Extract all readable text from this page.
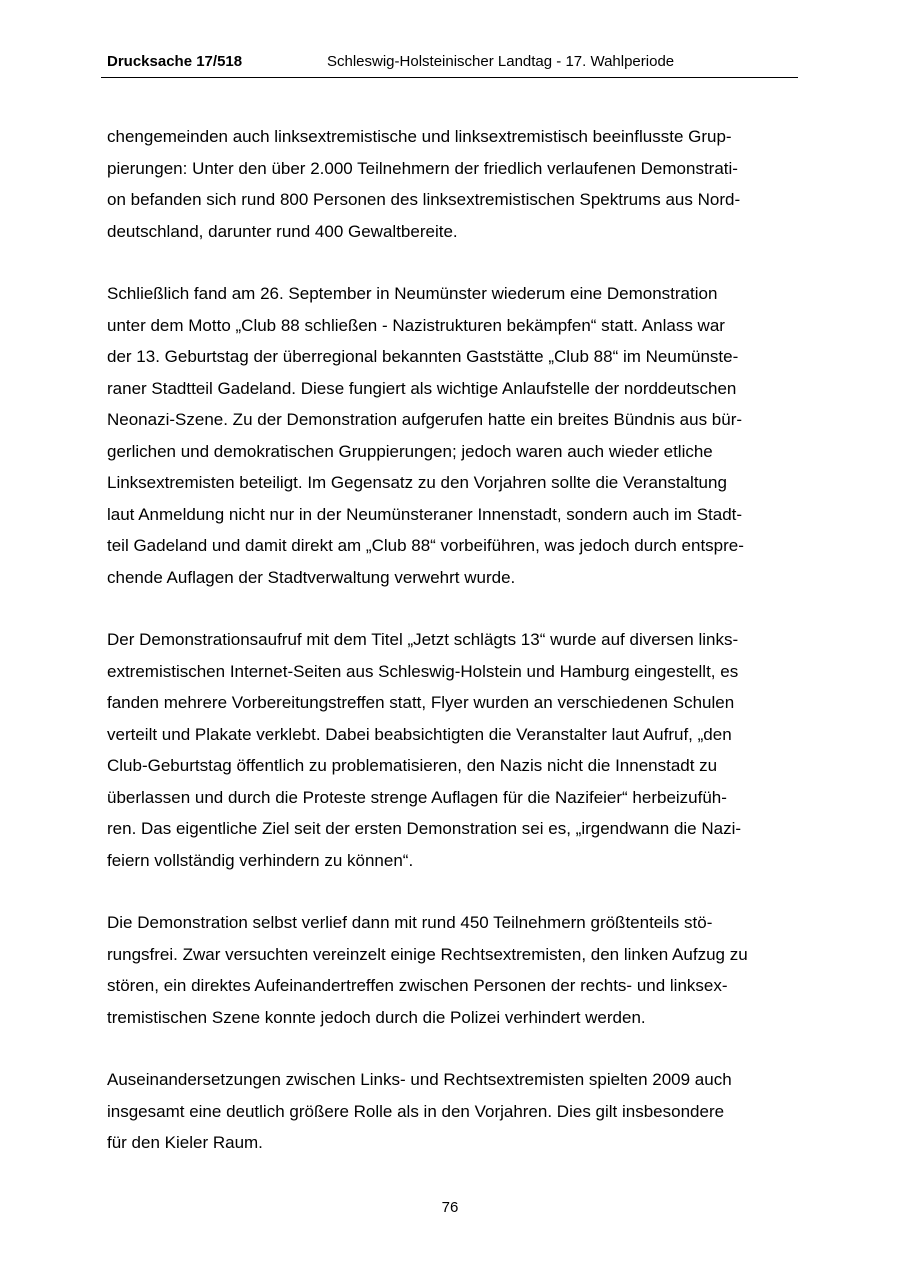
Drucksache 17/518	Schleswig-Holsteinischer Landtag - 17. Wahlperiode

chengemeinden auch linksextremistische und linksextremistisch beeinflusste Grup-
pierungen: Unter den über 2.000 Teilnehmern der friedlich verlaufenen Demonstrati-
on befanden sich rund 800 Personen des linksextremistischen Spektrums aus Nord-
deutschland, darunter rund 400 Gewaltbereite.

Schließlich fand am 26. September in Neumünster wiederum eine Demonstration
unter dem Motto „Club 88 schließen - Nazistrukturen bekämpfen“ statt. Anlass war
der 13. Geburtstag der überregional bekannten Gaststätte „Club 88“ im Neumünste-
raner Stadtteil Gadeland. Diese fungiert als wichtige Anlaufstelle der norddeutschen
Neonazi-Szene. Zu der Demonstration aufgerufen hatte ein breites Bündnis aus bür-
gerlichen und demokratischen Gruppierungen; jedoch waren auch wieder etliche
Linksextremisten beteiligt. Im Gegensatz zu den Vorjahren sollte die Veranstaltung
laut Anmeldung nicht nur in der Neumünsteraner Innenstadt, sondern auch im Stadt-
teil Gadeland und damit direkt am „Club 88“ vorbeiführen, was jedoch durch entspre-
chende Auflagen der Stadtverwaltung verwehrt wurde.

Der Demonstrationsaufruf mit dem Titel „Jetzt schlägts 13“ wurde auf diversen links-
extremistischen Internet-Seiten aus Schleswig-Holstein und Hamburg eingestellt, es
fanden mehrere Vorbereitungstreffen statt, Flyer wurden an verschiedenen Schulen
verteilt und Plakate verklebt. Dabei beabsichtigten die Veranstalter laut Aufruf, „den
Club-Geburtstag öffentlich zu problematisieren, den Nazis nicht die Innenstadt zu
überlassen und durch die Proteste strenge Auflagen für die Nazifeier“ herbeizufüh-
ren. Das eigentliche Ziel seit der ersten Demonstration sei es, „irgendwann die Nazi-
feiern vollständig verhindern zu können“.

Die Demonstration selbst verlief dann mit rund 450 Teilnehmern größtenteils stö-
rungsfrei. Zwar versuchten vereinzelt einige Rechtsextremisten, den linken Aufzug zu
stören, ein direktes Aufeinandertreffen zwischen Personen der rechts- und linksex-
tremistischen Szene konnte jedoch durch die Polizei verhindert werden.

Auseinandersetzungen zwischen Links- und Rechtsextremisten spielten 2009 auch
insgesamt eine deutlich größere Rolle als in den Vorjahren. Dies gilt insbesondere
für den Kieler Raum.

76
